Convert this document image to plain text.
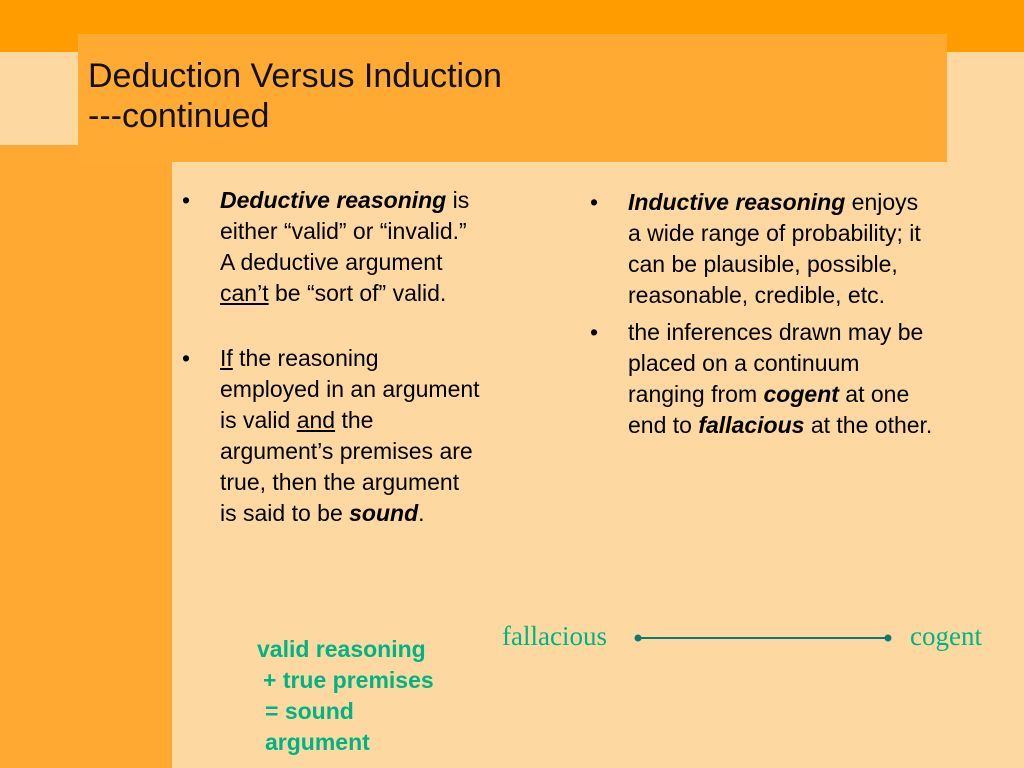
Deduction Versus Induction
---continued
• Deductive reasoning is either “valid” or “invalid.” A deductive argument can’t be “sort of” valid.
• If the reasoning employed in an argument is valid and the argument’s premises are true, then the argument is said to be sound.
valid reasoning
+ true premises
= sound
argument
• Inductive reasoning enjoys a wide range of probability; it can be plausible, possible, reasonable, credible, etc.
• the inferences drawn may be placed on a continuum ranging from cogent at one end to fallacious at the other.
fallacious	cogent
